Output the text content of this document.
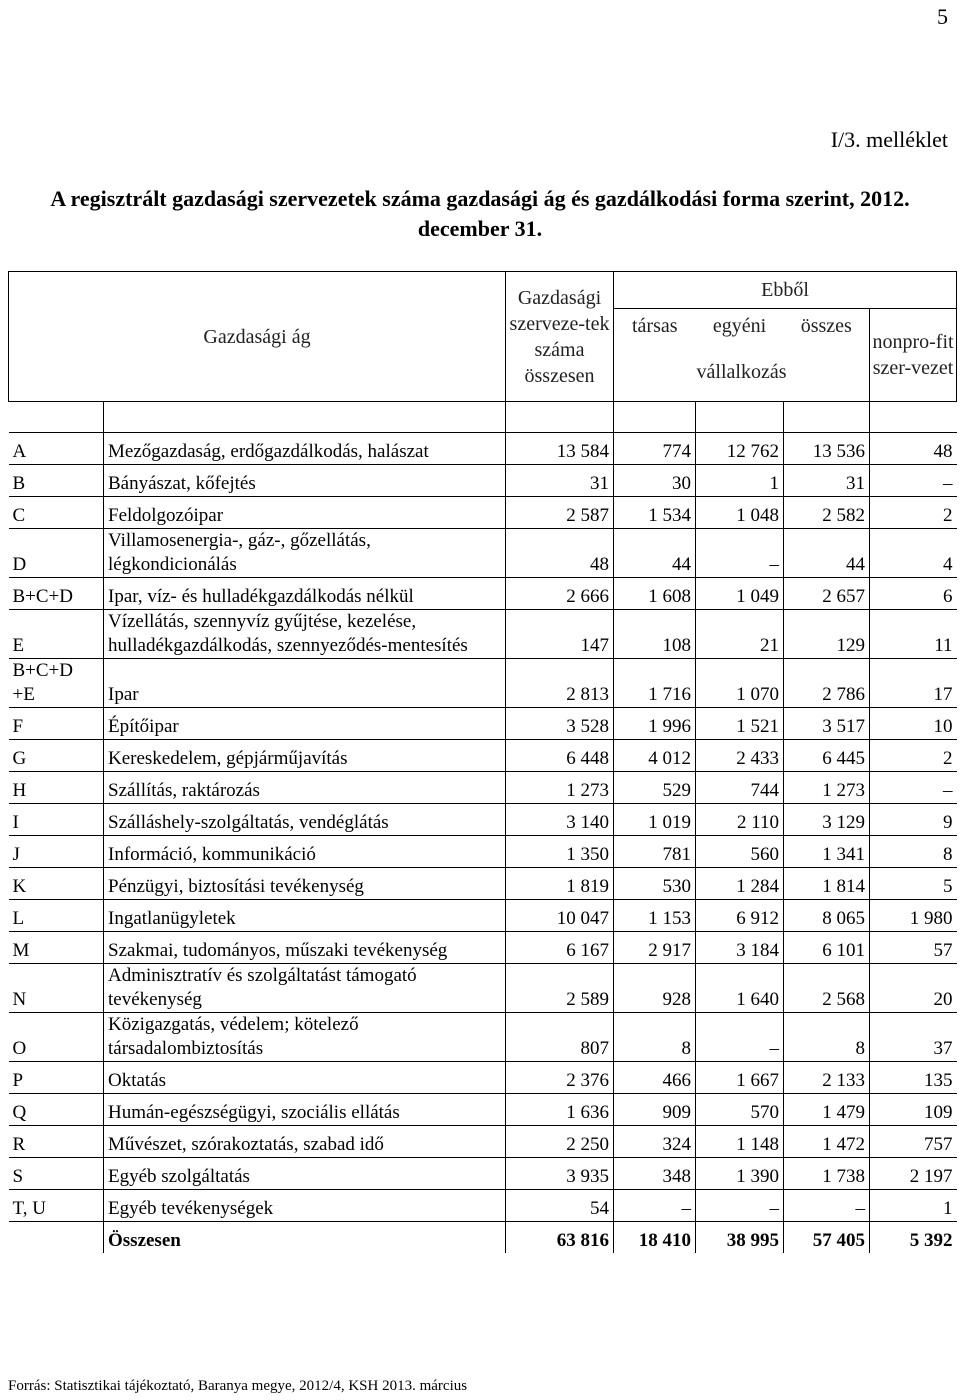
5
I/3. melléklet
A regisztrált gazdasági szervezetek száma gazdasági ág és gazdálkodási forma szerint, 2012. december 31.
Gazdasági ág		Gazdasági szerveze-tek száma összesen	Ebből			
			társas	egyéni	összes	nonpro-fit szer-vezet
			vállalkozás			

A	Mezőgazdaság, erdőgazdálkodás, halászat	13 584	774	12 762	13 536	48
B	Bányászat, kőfejtés	31	30	1	31	–
C	Feldolgozóipar	2 587	1 534	1 048	2 582	2
D	Villamosenergia-, gáz-, gőzellátás, légkondicionálás	48	44	–	44	4
B+C+D	Ipar, víz- és hulladékgazdálkodás nélkül	2 666	1 608	1 049	2 657	6
E	Vízellátás, szennyvíz gyűjtése, kezelése, hulladékgazdálkodás, szennyeződés-mentesítés	147	108	21	129	11
B+C+D +E	Ipar	2 813	1 716	1 070	2 786	17
F	Építőipar	3 528	1 996	1 521	3 517	10
G	Kereskedelem, gépjárműjavítás	6 448	4 012	2 433	6 445	2
H	Szállítás, raktározás	1 273	529	744	1 273	–
I	Szálláshely-szolgáltatás, vendéglátás	3 140	1 019	2 110	3 129	9
J	Információ, kommunikáció	1 350	781	560	1 341	8
K	Pénzügyi, biztosítási tevékenység	1 819	530	1 284	1 814	5
L	Ingatlanügyletek	10 047	1 153	6 912	8 065	1 980
M	Szakmai, tudományos, műszaki tevékenység	6 167	2 917	3 184	6 101	57
N	Adminisztratív és szolgáltatást támogató tevékenység	2 589	928	1 640	2 568	20
O	Közigazgatás, védelem; kötelező társadalombiztosítás	807	8	–	8	37
P	Oktatás	2 376	466	1 667	2 133	135
Q	Humán-egészségügyi, szociális ellátás	1 636	909	570	1 479	109
R	Művészet, szórakoztatás, szabad idő	2 250	324	1 148	1 472	757
S	Egyéb szolgáltatás	3 935	348	1 390	1 738	2 197
T, U	Egyéb tevékenységek	54	–	–	–	1
	Összesen	63 816	18 410	38 995	57 405	5 392
Forrás: Statisztikai tájékoztató, Baranya megye, 2012/4, KSH 2013. március
